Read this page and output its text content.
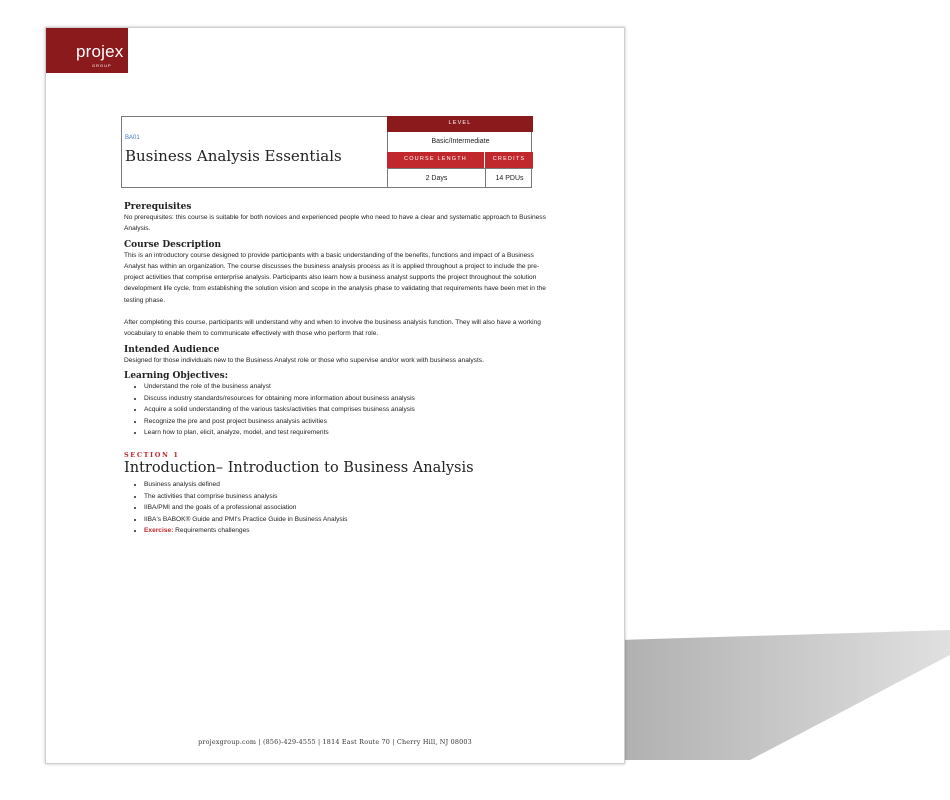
projex
GROUP
BA01
Business Analysis Essentials
LEVEL
Basic/Intermediate
COURSE LENGTH	CREDITS
2 Days	14 PDUs
Prerequisites

No prerequisites: this course is suitable for both novices and experienced people who need to have a clear and systematic approach to Business Analysis.

Course Description

This is an introductory course designed to provide participants with a basic understanding of the benefits, functions and impact of a Business Analyst has within an organization. The course discusses the business analysis process as it is applied throughout a project to include the pre-project activities that comprise enterprise analysis. Participants also learn how a business analyst supports the project throughout the solution development life cycle, from establishing the solution vision and scope in the analysis phase to validating that requirements have been met in the testing phase.

After completing this course, participants will understand why and when to involve the business analysis function. They will also have a working vocabulary to enable them to communicate effectively with those who perform that role.

Intended Audience

Designed for those individuals new to the Business Analyst role or those who supervise and/or work with business analysts.

Learning Objectives:
• Understand the role of the business analyst
• Discuss industry standards/resources for obtaining more information about business analysis
• Acquire a solid understanding of the various tasks/activities that comprises business analysis
• Recognize the pre and post project business analysis activities
• Learn how to plan, elicit, analyze, model, and test requirements
SECTION 1
Introduction– Introduction to Business Analysis
• Business analysis defined
• The activities that comprise business analysis
• IIBA/PMI and the goals of a professional association
• IIBA's BABOK® Guide and PMI's Practice Guide in Business Analysis
• Exercise: Requirements challenges
projexgroup.com | (856)-429-4555 | 1814 East Route 70 | Cherry Hill, NJ 08003
